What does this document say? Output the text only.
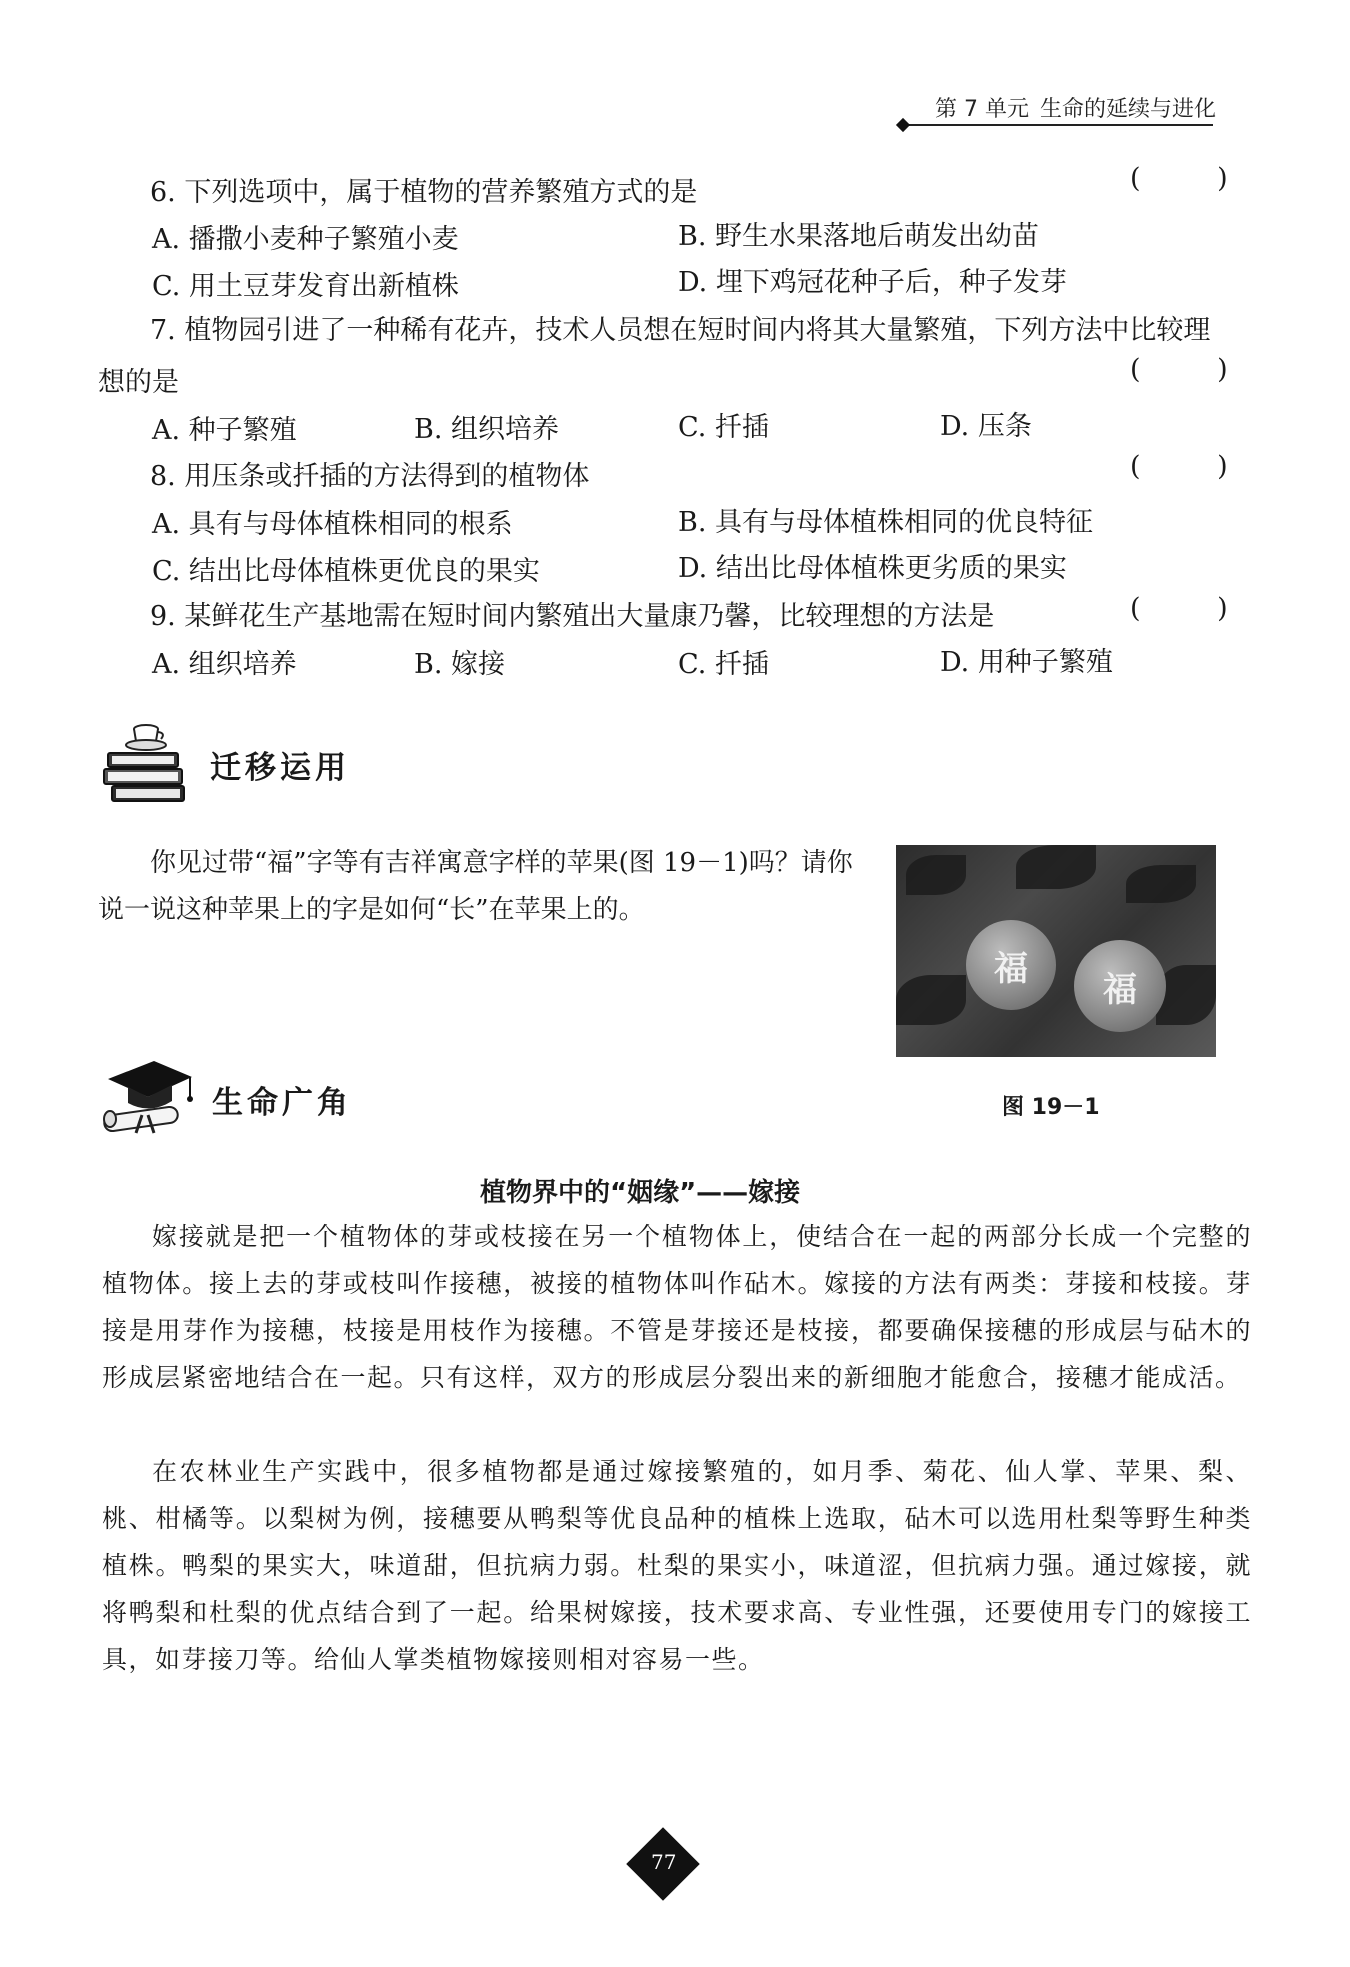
第 7 单元 生命的延续与进化
6. 下列选项中，属于植物的营养繁殖方式的是	( )
A. 播撒小麦种子繁殖小麦	B. 野生水果落地后萌发出幼苗
C. 用土豆芽发育出新植株	D. 埋下鸡冠花种子后，种子发芽
7. 植物园引进了一种稀有花卉，技术人员想在短时间内将其大量繁殖，下列方法中比较理
想的是	( )
A. 种子繁殖	B. 组织培养	C. 扦插	D. 压条
8. 用压条或扦插的方法得到的植物体	( )
A. 具有与母体植株相同的根系	B. 具有与母体植株相同的优良特征
C. 结出比母体植株更优良的果实	D. 结出比母体植株更劣质的果实
9. 某鲜花生产基地需在短时间内繁殖出大量康乃馨，比较理想的方法是	( )
A. 组织培养	B. 嫁接	C. 扦插	D. 用种子繁殖
迁移运用
你见过带“福”字等有吉祥寓意字样的苹果(图 19－1)吗？请你说一说这种苹果上的字是如何“长”在苹果上的。
福
福
图 19－1
生命广角
植物界中的“姻缘”——嫁接
嫁接就是把一个植物体的芽或枝接在另一个植物体上，使结合在一起的两部分长成一个完整的植物体。接上去的芽或枝叫作接穗，被接的植物体叫作砧木。嫁接的方法有两类：芽接和枝接。芽接是用芽作为接穗，枝接是用枝作为接穗。不管是芽接还是枝接，都要确保接穗的形成层与砧木的形成层紧密地结合在一起。只有这样，双方的形成层分裂出来的新细胞才能愈合，接穗才能成活。
在农林业生产实践中，很多植物都是通过嫁接繁殖的，如月季、菊花、仙人掌、苹果、梨、桃、柑橘等。以梨树为例，接穗要从鸭梨等优良品种的植株上选取，砧木可以选用杜梨等野生种类植株。鸭梨的果实大，味道甜，但抗病力弱。杜梨的果实小，味道涩，但抗病力强。通过嫁接，就将鸭梨和杜梨的优点结合到了一起。给果树嫁接，技术要求高、专业性强，还要使用专门的嫁接工具，如芽接刀等。给仙人掌类植物嫁接则相对容易一些。
77
